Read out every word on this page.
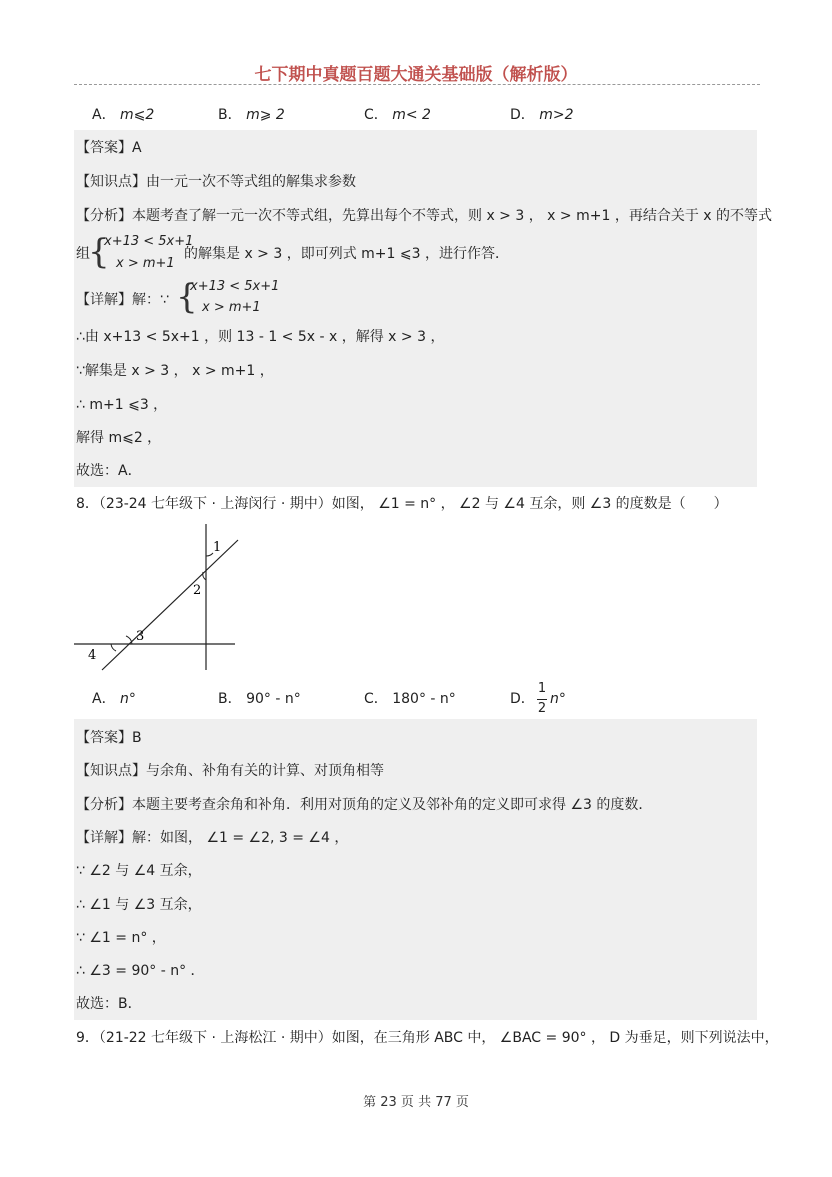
七下期中真题百题大通关基础版（解析版）
A． m⩽2	B． m⩾ 2	C． m< 2	D． m>2
【答案】A
【知识点】由一元一次不等式组的解集求参数
【分析】本题考查了解一元一次不等式组，先算出每个不等式，则 x > 3 ， x > m+1 ，再结合关于 x 的不等式
组
{
x+13 < 5x+1
x > m+1
的解集是 x > 3 ，即可列式 m+1 ⩽3 ，进行作答．
【详解】解：∵ {
x+13 < 5x+1
x > m+1
∴由 x+13 < 5x+1 ，则 13 - 1 < 5x - x ，解得 x > 3 ，
∵解集是 x > 3 ， x > m+1 ，
∴ m+1 ⩽3 ，
解得 m⩽2 ，
故选：A．
8．（23-24 七年级下 · 上海闵行 · 期中）如图， ∠1 = n° ， ∠2 与 ∠4 互余，则 ∠3 的度数是（　　）
1
2
3
4
A． n°	B． 90° - n°	C． 180° - n°	D．
1
2
n°
【答案】B
【知识点】与余角、补角有关的计算、对顶角相等
【分析】本题主要考查余角和补角．利用对顶角的定义及邻补角的定义即可求得 ∠3 的度数．
【详解】解：如图， ∠1 = ∠2, 3 = ∠4 ，
∵ ∠2 与 ∠4 互余，
∴ ∠1 与 ∠3 互余，
∵ ∠1 = n° ，
∴ ∠3 = 90° - n° ．
故选：B．
9．（21-22 七年级下 · 上海松江 · 期中）如图，在三角形 ABC 中， ∠BAC = 90° ， D 为垂足，则下列说法中，
第 23 页 共 77 页
